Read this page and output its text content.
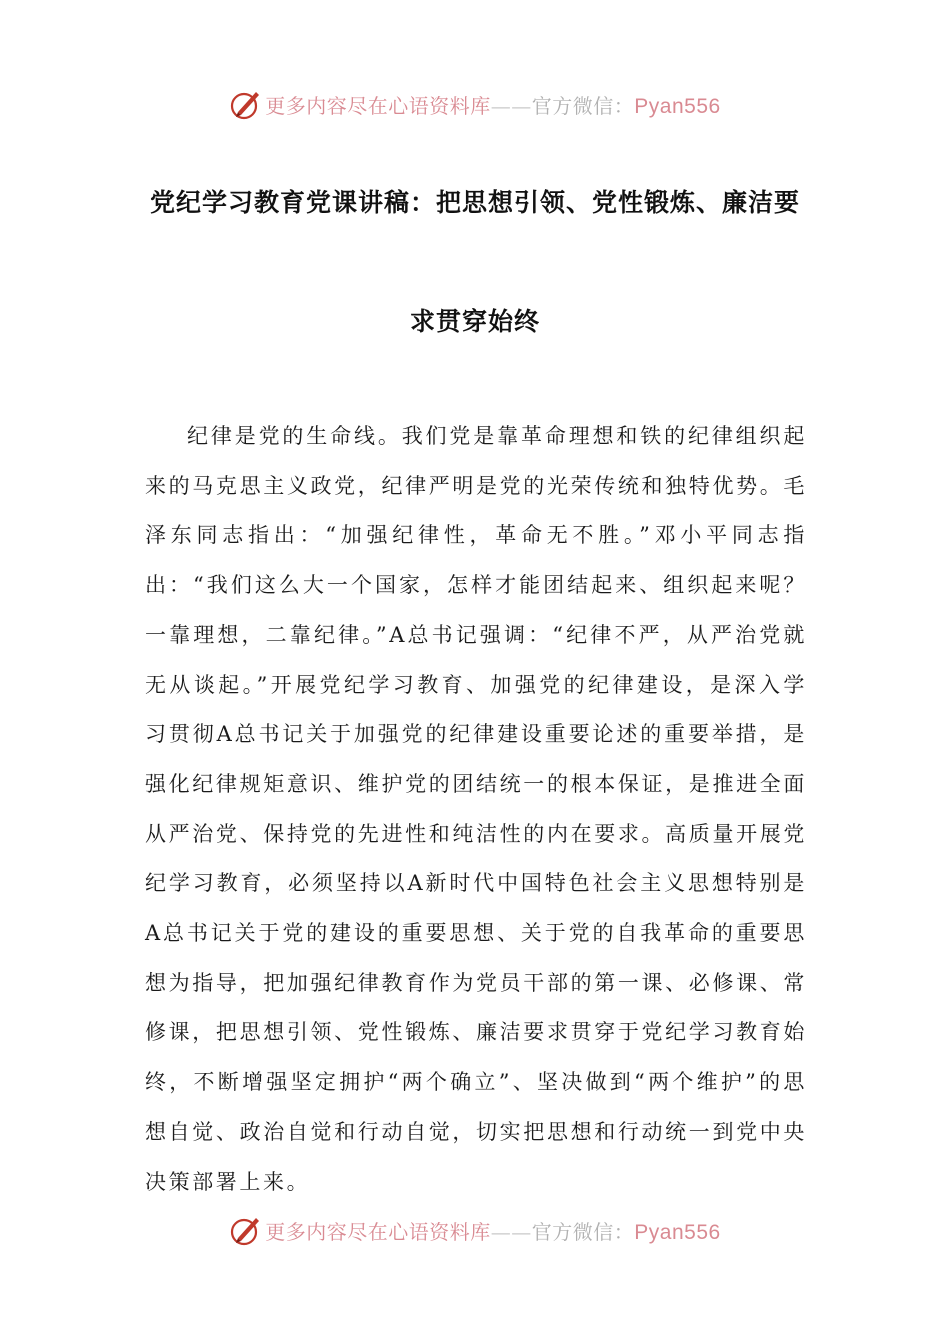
更多内容尽在心语资料库——官方微信：Pyan556
党纪学习教育党课讲稿：把思想引领、党性锻炼、廉洁要
求贯穿始终

纪律是党的生命线。我们党是靠革命理想和铁的纪律组织起来的马克思主义政党，纪律严明是党的光荣传统和独特优势。毛泽东同志指出：“加强纪律性，革命无不胜。”邓小平同志指出：“我们这么大一个国家，怎样才能团结起来、组织起来呢？一靠理想，二靠纪律。”A总书记强调：“纪律不严，从严治党就无从谈起。”开展党纪学习教育、加强党的纪律建设，是深入学习贯彻A总书记关于加强党的纪律建设重要论述的重要举措，是强化纪律规矩意识、维护党的团结统一的根本保证，是推进全面从严治党、保持党的先进性和纯洁性的内在要求。高质量开展党纪学习教育，必须坚持以A新时代中国特色社会主义思想特别是A总书记关于党的建设的重要思想、关于党的自我革命的重要思想为指导，把加强纪律教育作为党员干部的第一课、必修课、常修课，把思想引领、党性锻炼、廉洁要求贯穿于党纪学习教育始终，不断增强坚定拥护“两个确立”、坚决做到“两个维护”的思想自觉、政治自觉和行动自觉，切实把思想和行动统一到党中央决策部署上来。

更多内容尽在心语资料库——官方微信：Pyan556
